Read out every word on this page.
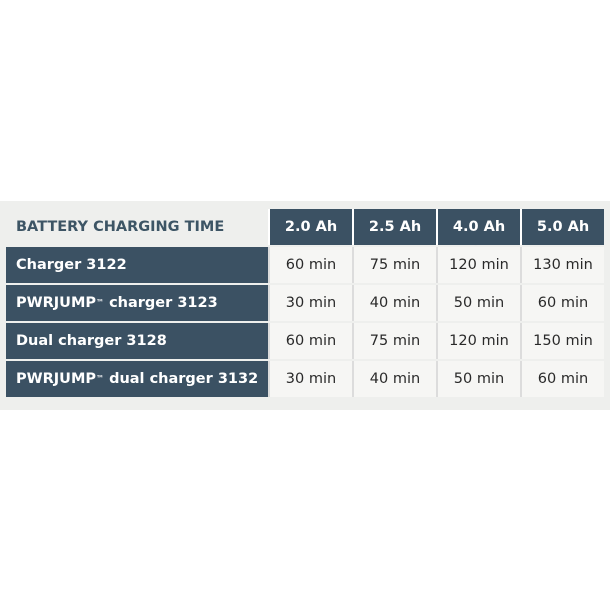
BATTERY CHARGING TIME	2.0 Ah	2.5 Ah	4.0 Ah	5.0 Ah
Charger 3122	60 min	75 min	120 min	130 min
PWRJUMP ™ charger 3123	30 min	40 min	50 min	60 min
Dual charger 3128	60 min	75 min	120 min	150 min
PWRJUMP ™ dual charger 3132	30 min	40 min	50 min	60 min
